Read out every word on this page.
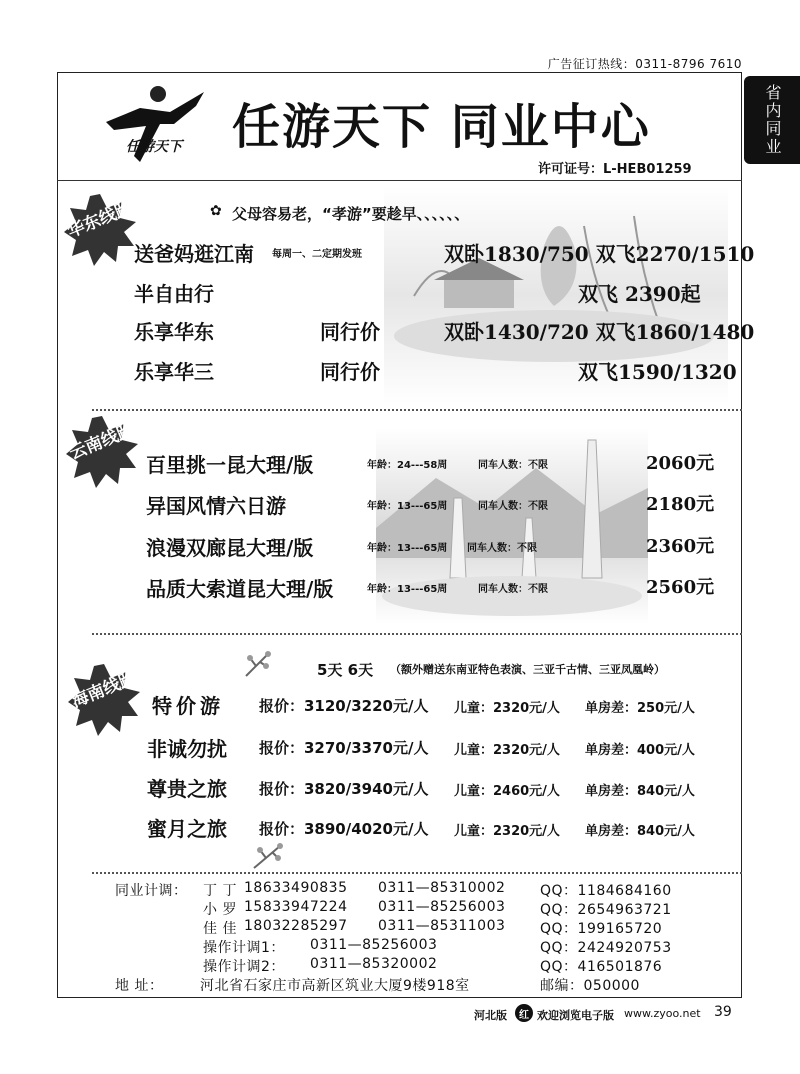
广告征订热线：0311-8796 7610
省内同业
任游天下 任游天下 同业中心
许可证号：L-HEB01259
华东线路	✿ 父母容易老，“孝游”要趁早、、、、、、
送爸妈逛江南 每周一、二定期发班	双卧1830/750 双飞2270/1510
半自由行	双飞 2390起
乐享华东	同行价	双卧1430/720 双飞1860/1480
乐享华三	同行价	双飞1590/1320
云南线路
百里挑一昆大理/版	年龄：24---58周	同车人数：不限	2060元
异国风情六日游	年龄：13---65周	同车人数：不限	2180元
浪漫双廊昆大理/版	年龄：13---65周 同车人数：不限	2360元
品质大索道昆大理/版	年龄：13---65周	同车人数：不限	2560元
海南线路	5天 6天 （额外赠送东南亚特色表演、三亚千古情、三亚凤凰岭）
特价游 报价：3120/3220元/人 儿童：2320元/人 单房差：250元/人
非诚勿扰 报价：3270/3370元/人 儿童：2320元/人 单房差：400元/人
尊贵之旅 报价：3820/3940元/人 儿童：2460元/人 单房差：840元/人
蜜月之旅 报价：3890/4020元/人 儿童：2320元/人 单房差：840元/人
同业计调： 丁 丁 18633490835 0311—85310002 QQ：1184684160
小 罗 15833947224 0311—85256003 QQ：2654963721
佳 佳 18032285297 0311—85311003 QQ：199165720
操作计调1： 0311—85256003	QQ：2424920753
操作计调2： 0311—85320002	QQ：416501876
地 址：	河北省石家庄市高新区筑业大厦9楼918室	邮编：050000
河北版	红 欢迎浏览电子版 www.zyoo.net 39
